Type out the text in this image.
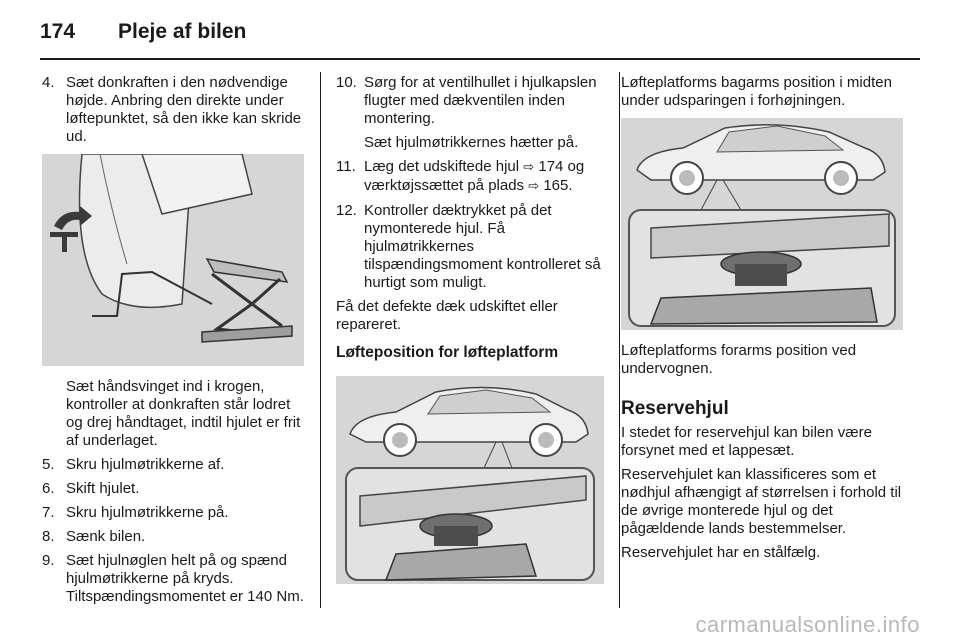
174 Pleje af bilen
4. Sæt donkraften i den nødvendige højde. Anbring den direkte under løftepunktet, så den ikke kan skride ud.
Sæt håndsvinget ind i krogen, kontroller at donkraften står lodret og drej håndtaget, indtil hjulet er frit af underlaget.
5. Skru hjulmøtrikkerne af.
6. Skift hjulet.
7. Skru hjulmøtrikkerne på.
8. Sænk bilen.
9. Sæt hjulnøglen helt på og spænd hjulmøtrikkerne på kryds. Tiltspændingsmomentet er 140 Nm.
10. Sørg for at ventilhullet i hjulkapslen flugter med dækventilen inden montering.
Sæt hjulmøtrikkernes hætter på.
11. Læg det udskiftede hjul ⇨ 174 og værktøjssættet på plads ⇨ 165.
12. Kontroller dæktrykket på det nymonterede hjul. Få hjulmøtrikkernes tilspændingsmoment kontrolleret så hurtigt som muligt.
Få det defekte dæk udskiftet eller repareret.
Løfteposition for løfteplatform
Løfteplatforms bagarms position i midten under udsparingen i forhøjningen.
Løfteplatforms forarms position ved undervognen.
Reservehjul
I stedet for reservehjul kan bilen være forsynet med et lappesæt.
Reservehjulet kan klassificeres som et nødhjul afhængigt af størrelsen i forhold til de øvrige monterede hjul og det pågældende lands bestemmelser.
Reservehjulet har en stålfælg.
carmanualsonline.info
